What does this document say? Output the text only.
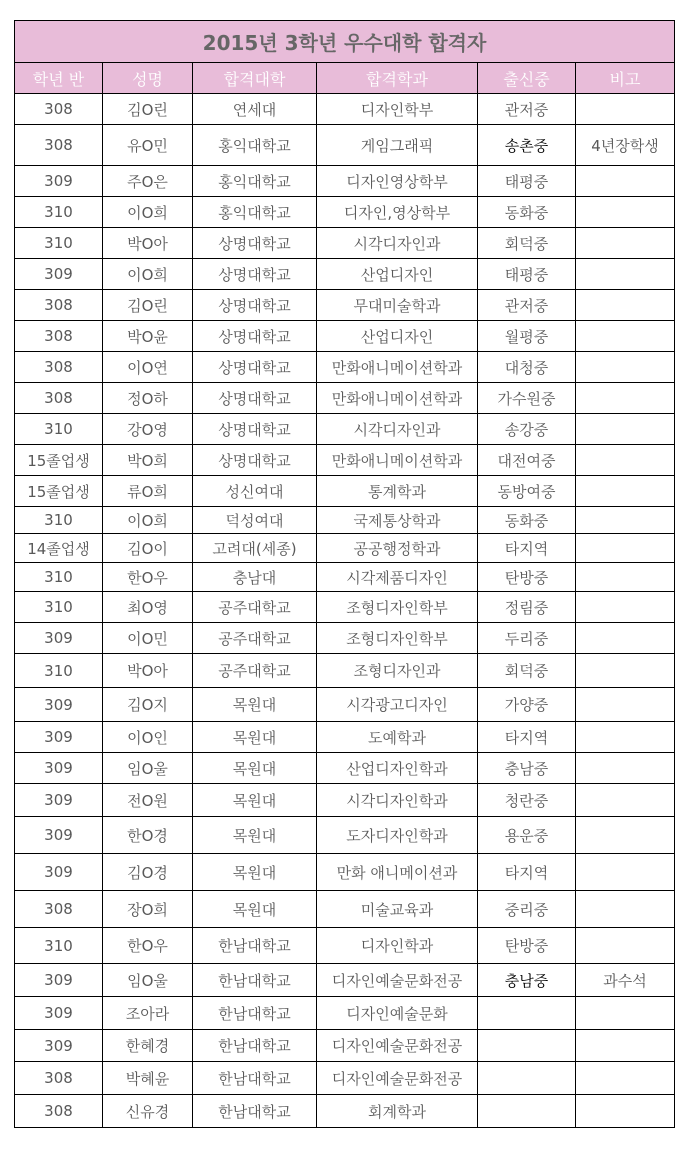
2015년 3학년 우수대학 합격자					
학년 반	성명	합격대학	합격학과	출신중	비고
308	김O린	연세대	디자인학부	관저중	
308	유O민	홍익대학교	게임그래픽	송촌중	4년장학생
309	주O은	홍익대학교	디자인영상학부	태평중	
310	이O희	홍익대학교	디자인,영상학부	동화중	
310	박O아	상명대학교	시각디자인과	회덕중	
309	이O희	상명대학교	산업디자인	태평중	
308	김O린	상명대학교	무대미술학과	관저중	
308	박O윤	상명대학교	산업디자인	월평중	
308	이O연	상명대학교	만화애니메이션학과	대청중	
308	정O하	상명대학교	만화애니메이션학과	가수원중	
310	강O영	상명대학교	시각디자인과	송강중	
15졸업생	박O희	상명대학교	만화애니메이션학과	대전여중	
15졸업생	류O희	성신여대	통계학과	동방여중	
310	이O희	덕성여대	국제통상학과	동화중	
14졸업생	김O이	고려대(세종)	공공행정학과	타지역	
310	한O우	충남대	시각제품디자인	탄방중	
310	최O영	공주대학교	조형디자인학부	정림중	
309	이O민	공주대학교	조형디자인학부	두리중	
310	박O아	공주대학교	조형디자인과	회덕중	
309	김O지	목원대	시각광고디자인	가양중	
309	이O인	목원대	도예학과	타지역	
309	임O울	목원대	산업디자인학과	충남중	
309	전O원	목원대	시각디자인학과	청란중	
309	한O경	목원대	도자디자인학과	용운중	
309	김O경	목원대	만화 애니메이션과	타지역	
308	장O희	목원대	미술교육과	중리중	
310	한O우	한남대학교	디자인학과	탄방중	
309	임O울	한남대학교	디자인예술문화전공	충남중	과수석
309	조아라	한남대학교	디자인예술문화		
309	한혜경	한남대학교	디자인예술문화전공		
308	박혜윤	한남대학교	디자인예술문화전공		
308	신유경	한남대학교	회계학과		
